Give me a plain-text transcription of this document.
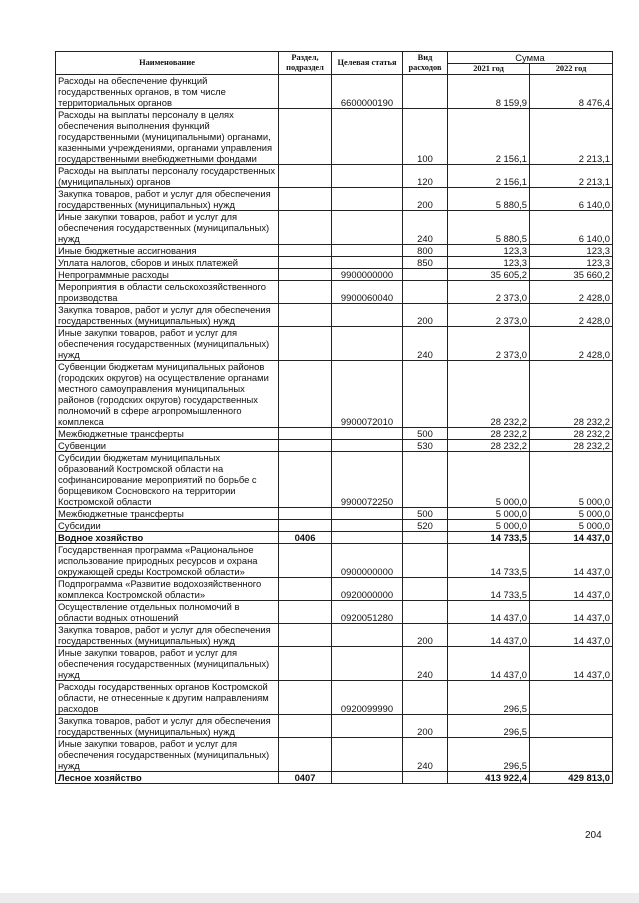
Наименование	Раздел, подраздел	Целевая статья	Вид расходов	Сумма	
				2021 год	2022 год
Расходы на обеспечение функций государственных органов, в том числе территориальных органов		6600000190		8 159,9	8 476,4
Расходы на выплаты персоналу в целях обеспечения выполнения функций государственными (муниципальными) органами, казенными учреждениями, органами управления государственными внебюджетными фондами			100	2 156,1	2 213,1
Расходы на выплаты персоналу государственных (муниципальных) органов			120	2 156,1	2 213,1
Закупка товаров, работ и услуг для обеспечения государственных (муниципальных) нужд			200	5 880,5	6 140,0
Иные закупки товаров, работ и услуг для обеспечения государственных (муниципальных) нужд			240	5 880,5	6 140,0
Иные бюджетные ассигнования			800	123,3	123,3
Уплата налогов, сборов и иных платежей			850	123,3	123,3
Непрограммные расходы		9900000000		35 605,2	35 660,2
Мероприятия в области сельскохозяйственного производства		9900060040		2 373,0	2 428,0
Закупка товаров, работ и услуг для обеспечения государственных (муниципальных) нужд			200	2 373,0	2 428,0
Иные закупки товаров, работ и услуг для обеспечения государственных (муниципальных) нужд			240	2 373,0	2 428,0
Субвенции бюджетам муниципальных районов (городских округов) на осуществление органами местного самоуправления муниципальных районов (городских округов) государственных полномочий в сфере агропромышленного комплекса		9900072010		28 232,2	28 232,2
Межбюджетные трансферты			500	28 232,2	28 232,2
Субвенции			530	28 232,2	28 232,2
Субсидии бюджетам муниципальных образований Костромской области на софинансирование мероприятий по борьбе с борщевиком Сосновского на территории Костромской области		9900072250		5 000,0	5 000,0
Межбюджетные трансферты			500	5 000,0	5 000,0
Субсидии			520	5 000,0	5 000,0
Водное хозяйство	0406			14 733,5	14 437,0
Государственная программа «Рациональное использование природных ресурсов и охрана окружающей среды Костромской области»		0900000000		14 733,5	14 437,0
Подпрограмма «Развитие водохозяйственного комплекса Костромской области»		0920000000		14 733,5	14 437,0
Осуществление отдельных полномочий в области водных отношений		0920051280		14 437,0	14 437,0
Закупка товаров, работ и услуг для обеспечения государственных (муниципальных) нужд			200	14 437,0	14 437,0
Иные закупки товаров, работ и услуг для обеспечения государственных (муниципальных) нужд			240	14 437,0	14 437,0
Расходы государственных органов Костромской области, не отнесенные к другим направлениям расходов		0920099990		296,5	
Закупка товаров, работ и услуг для обеспечения государственных (муниципальных) нужд			200	296,5	
Иные закупки товаров, работ и услуг для обеспечения государственных (муниципальных) нужд			240	296,5	
Лесное хозяйство	0407			413 922,4	429 813,0
204
